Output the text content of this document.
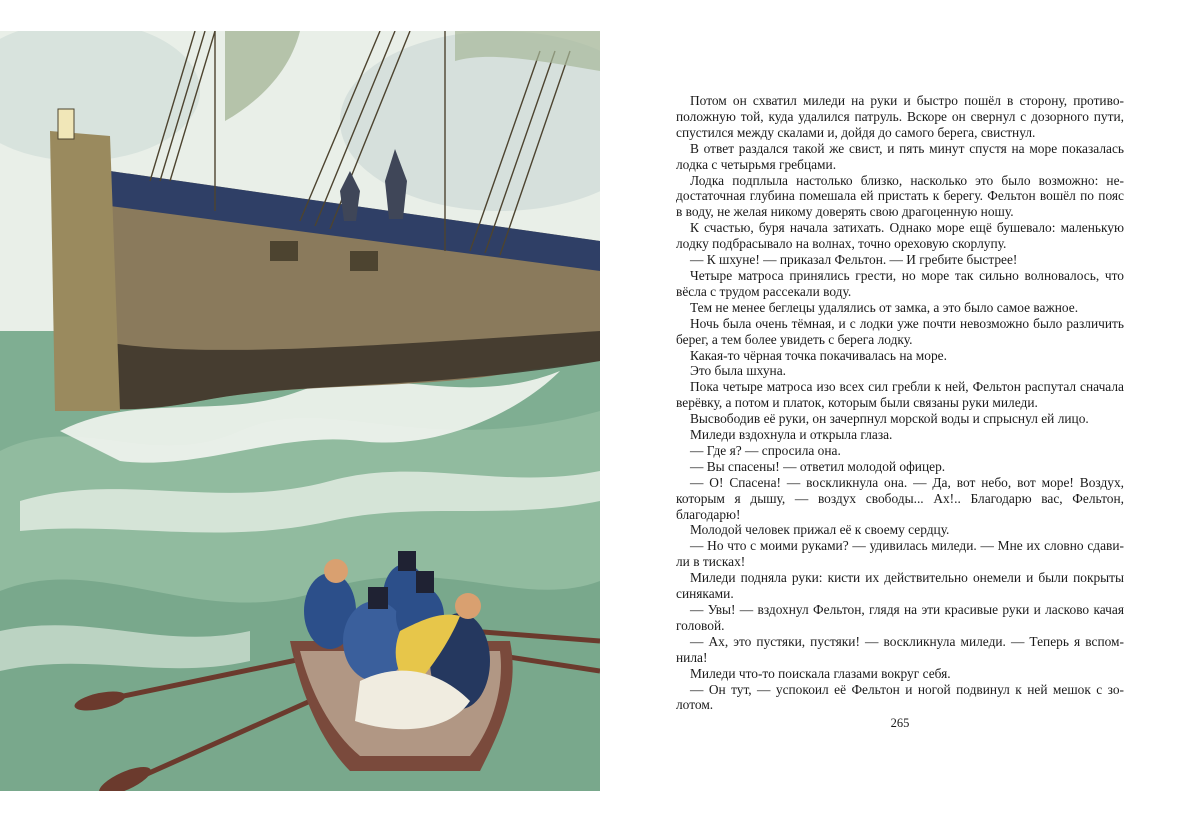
Потом он схватил миледи на руки и быстро пошёл в сторону, противоположную той, куда удалился патруль. Вскоре он свернул с дозорного пути, спустился между скалами и, дойдя до самого берега, свистнул.

В ответ раздался такой же свист, и пять минут спустя на море показалась лодка с четырьмя гребцами.

Лодка подплыла настолько близко, насколько это было возможно: недостаточная глубина помешала ей пристать к берегу. Фельтон вошёл по пояс в воду, не желая никому доверять свою драгоценную ношу.

К счастью, буря начала затихать. Однако море ещё бушевало: маленькую лодку подбрасывало на волнах, точно ореховую скорлупу.

— К шхуне! — приказал Фельтон. — И гребите быстрее!

Четыре матроса принялись грести, но море так сильно волновалось, что вёсла с трудом рассекали воду.

Тем не менее беглецы удалялись от замка, а это было самое важное.

Ночь была очень тёмная, и с лодки уже почти невозможно было различить берег, а тем более увидеть с берега лодку.

Какая-то чёрная точка покачивалась на море.

Это была шхуна.

Пока четыре матроса изо всех сил гребли к ней, Фельтон распутал сначала верёвку, а потом и платок, которым были связаны руки миледи.

Высвободив её руки, он зачерпнул морской воды и спрыснул ей лицо.

Миледи вздохнула и открыла глаза.

— Где я? — спросила она.

— Вы спасены! — ответил молодой офицер.

— О! Спасена! — воскликнула она. — Да, вот небо, вот море! Воздух, которым я дышу, — воздух свободы... Ах!.. Благодарю вас, Фельтон, благодарю!

Молодой человек прижал её к своему сердцу.

— Но что с моими руками? — удивилась миледи. — Мне их словно сдавили в тисках!

Миледи подняла руки: кисти их действительно онемели и были покрыты синяками.

— Увы! — вздохнул Фельтон, глядя на эти красивые руки и ласково качая головой.

— Ах, это пустяки, пустяки! — воскликнула миледи. — Теперь я вспомнила!

Миледи что-то поискала глазами вокруг себя.

— Он тут, — успокоил её Фельтон и ногой подвинул к ней мешок с золотом.

265
